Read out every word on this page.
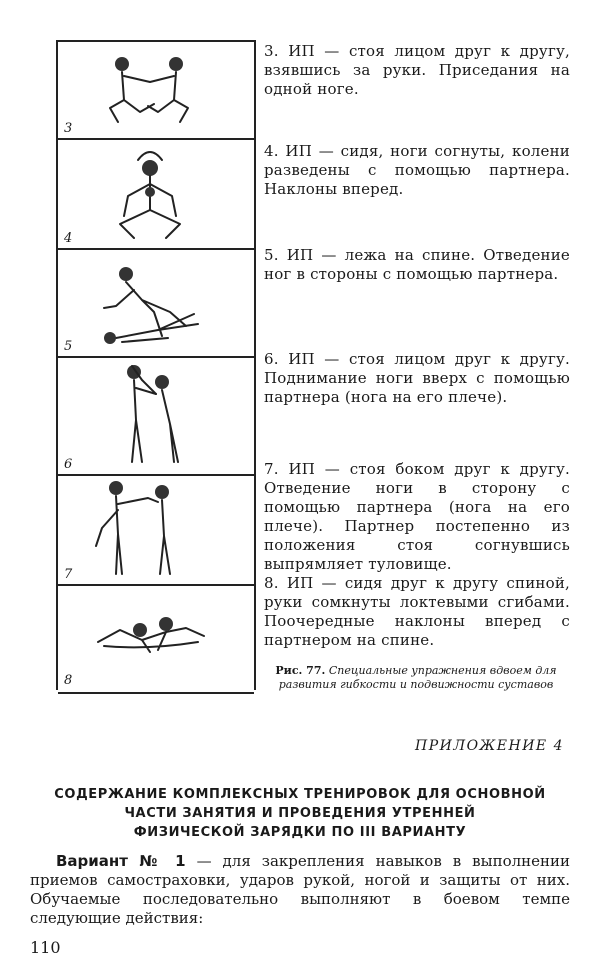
3
4
5
6
7
8

3. ИП — стоя лицом друг к другу, взявшись за руки. Приседания на одной ноге.

4. ИП — сидя, ноги согнуты, колени разведены с помощью партнера. Наклоны вперед.

5. ИП — лежа на спине. Отведение ног в стороны с помощью партнера.

6. ИП — стоя лицом друг к другу. Поднимание ноги вверх с помощью партнера (нога на его плече).

7. ИП — стоя боком друг к другу. Отведение ноги в сторону с помощью партнера (нога на его плече). Партнер постепенно из положения стоя согнувшись выпрямляет туловище.

8. ИП — сидя друг к другу спиной, руки сомкнуты локтевыми сгибами. Поочередные наклоны вперед с партнером на спине.

Рис. 77. Специальные упражнения вдвоем для развития гибкости и подвижности суставов
ПРИЛОЖЕНИЕ 4
СОДЕРЖАНИЕ КОМПЛЕКСНЫХ ТРЕНИРОВОК ДЛЯ ОСНОВНОЙ
ЧАСТИ ЗАНЯТИЯ И ПРОВЕДЕНИЯ УТРЕННЕЙ
ФИЗИЧЕСКОЙ ЗАРЯДКИ ПО III ВАРИАНТУ

Вариант № 1 — для закрепления навыков в выполнении приемов самостраховки, ударов рукой, ногой и защиты от них. Обучаемые последовательно выполняют в боевом темпе следующие действия:

110
